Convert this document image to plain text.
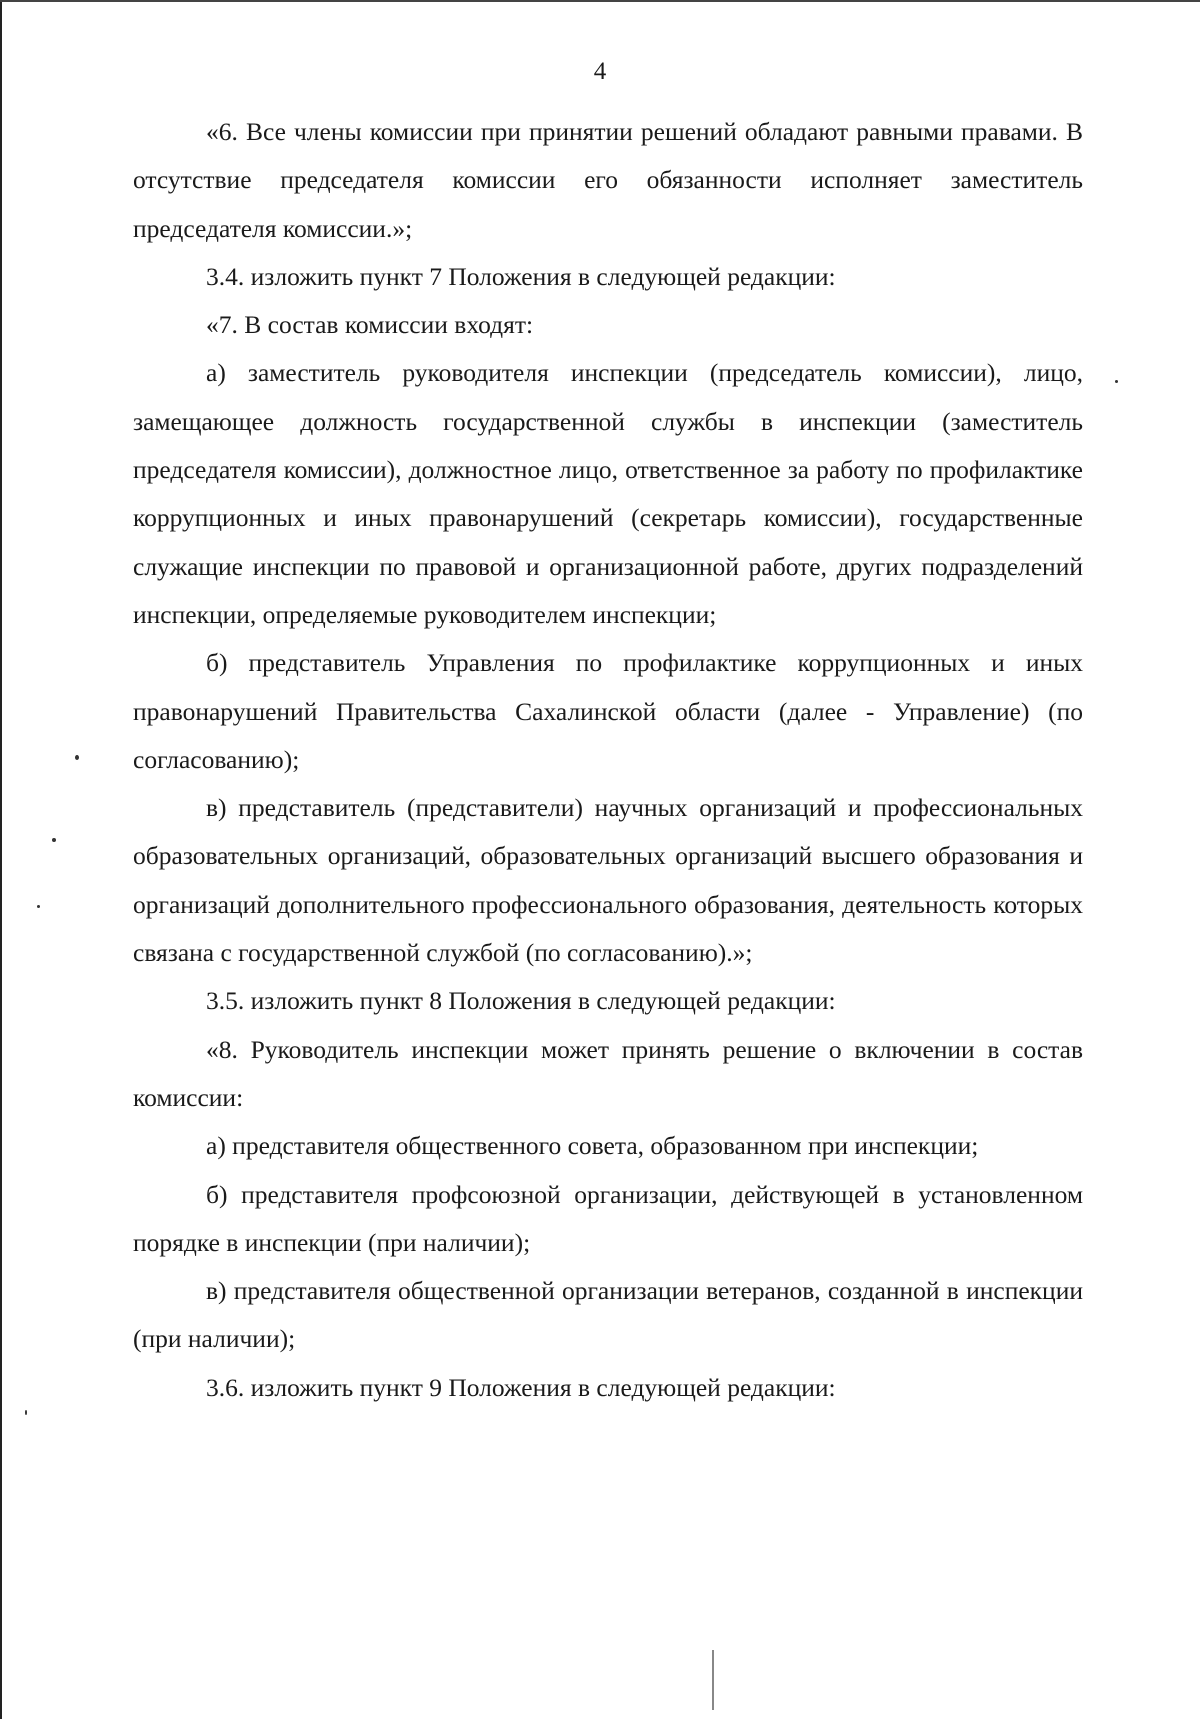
4

«6. Все члены комиссии при принятии решений обладают равными правами. В отсутствие председателя комиссии его обязанности исполняет заместитель председателя комиссии.»;

3.4. изложить пункт 7 Положения в следующей редакции:

«7. В состав комиссии входят:

а) заместитель руководителя инспекции (председатель комиссии), лицо, замещающее должность государственной службы в инспекции (заместитель председателя комиссии), должностное лицо, ответственное за работу по профилактике коррупционных и иных правонарушений (секретарь комиссии), государственные служащие инспекции по правовой и организационной работе, других подразделений инспекции, определяемые руководителем инспекции;

б) представитель Управления по профилактике коррупционных и иных правонарушений Правительства Сахалинской области (далее - Управление) (по согласованию);

в) представитель (представители) научных организаций и профессиональных образовательных организаций, образовательных организаций высшего образования и организаций дополнительного профессионального образования, деятельность которых связана с государственной службой (по согласованию).»;

3.5. изложить пункт 8 Положения в следующей редакции:

«8. Руководитель инспекции может принять решение о включении в состав комиссии:

а) представителя общественного совета, образованном при инспекции;

б) представителя профсоюзной организации, действующей в установленном порядке в инспекции (при наличии);

в) представителя общественной организации ветеранов, созданной в инспекции (при наличии);

3.6. изложить пункт 9 Положения в следующей редакции:
